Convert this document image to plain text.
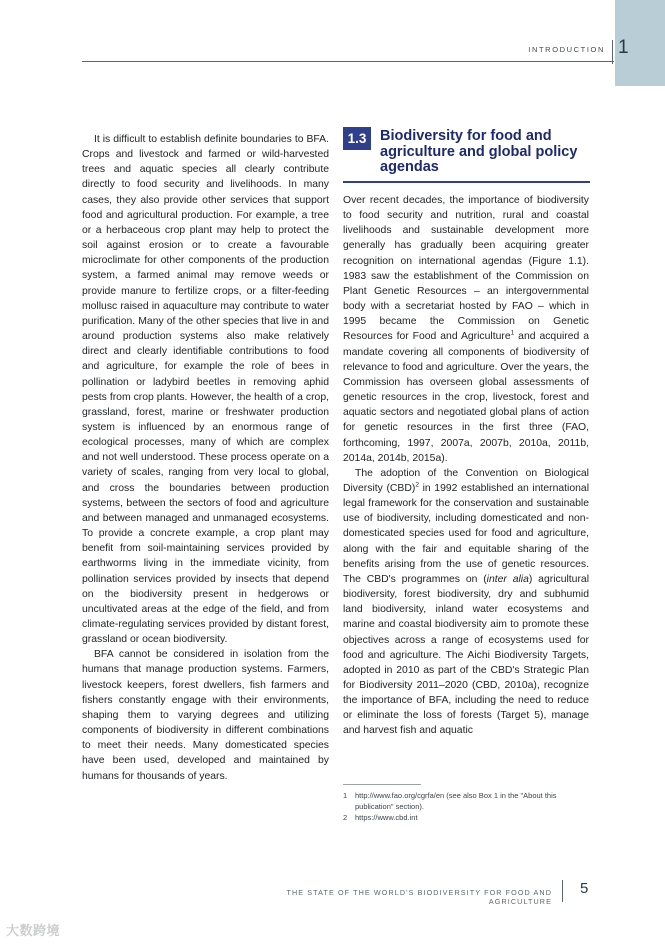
INTRODUCTION 1

It is difficult to establish definite boundaries to BFA. Crops and livestock and farmed or wild-harvested trees and aquatic species all clearly contribute directly to food security and livelihoods. In many cases, they also provide other services that support food and agricultural production. For example, a tree or a herbaceous crop plant may help to protect the soil against erosion or to create a favourable microclimate for other components of the production system, a farmed animal may remove weeds or provide manure to fertilize crops, or a filter-feeding mollusc raised in aquaculture may contribute to water purification. Many of the other species that live in and around production systems also make relatively direct and clearly identifiable contributions to food and agriculture, for example the role of bees in pollination or ladybird beetles in removing aphid pests from crop plants. However, the health of a crop, grassland, forest, marine or freshwater production system is influenced by an enormous range of ecological processes, many of which are complex and not well understood. These process operate on a variety of scales, ranging from very local to global, and cross the boundaries between production systems, between the sectors of food and agriculture and between managed and unmanaged ecosystems. To provide a concrete example, a crop plant may benefit from soil-maintaining services provided by earthworms living in the immediate vicinity, from pollination services provided by insects that depend on the biodiversity present in hedgerows or uncultivated areas at the edge of the field, and from climate-regulating services provided by distant forest, grassland or ocean biodiversity.

BFA cannot be considered in isolation from the humans that manage production systems. Farmers, livestock keepers, forest dwellers, fish farmers and fishers constantly engage with their environments, shaping them to varying degrees and utilizing components of biodiversity in different combinations to meet their needs. Many domesticated species have been used, developed and maintained by humans for thousands of years.

1.3 Biodiversity for food and agriculture and global policy agendas

Over recent decades, the importance of biodiversity to food security and nutrition, rural and coastal livelihoods and sustainable development more generally has gradually been acquiring greater recognition on international agendas (Figure 1.1). 1983 saw the establishment of the Commission on Plant Genetic Resources – an intergovernmental body with a secretariat hosted by FAO – which in 1995 became the Commission on Genetic Resources for Food and Agriculture$^1$ and acquired a mandate covering all components of biodiversity of relevance to food and agriculture. Over the years, the Commission has overseen global assessments of genetic resources in the crop, livestock, forest and aquatic sectors and negotiated global plans of action for genetic resources in the first three (FAO, forthcoming, 1997, 2007a, 2007b, 2010a, 2011b, 2014a, 2014b, 2015a).

The adoption of the Convention on Biological Diversity (CBD)$^2$ in 1992 established an international legal framework for the conservation and sustainable use of biodiversity, including domesticated and non-domesticated species used for food and agriculture, along with the fair and equitable sharing of the benefits arising from the use of genetic resources. The CBD's programmes on (inter alia) agricultural biodiversity, forest biodiversity, dry and subhumid land biodiversity, inland water ecosystems and marine and coastal biodiversity aim to promote these objectives across a range of ecosystems used for food and agriculture. The Aichi Biodiversity Targets, adopted in 2010 as part of the CBD's Strategic Plan for Biodiversity 2011–2020 (CBD, 2010a), recognize the importance of BFA, including the need to reduce or eliminate the loss of forests (Target 5), manage and harvest fish and aquatic

1 http://www.fao.org/cgrfa/en (see also Box 1 in the "About this publication" section).
2 https://www.cbd.int
THE STATE OF THE WORLD'S BIODIVERSITY FOR FOOD AND AGRICULTURE
5
大数跨境
